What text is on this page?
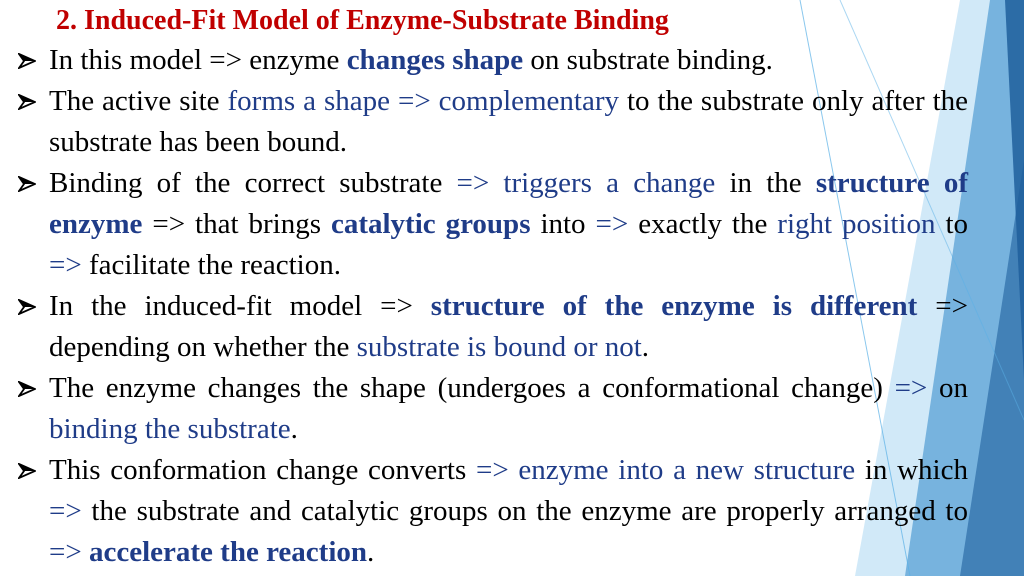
2. Induced-Fit Model of Enzyme-Substrate Binding
In this model => enzyme changes shape on substrate binding.
The active site forms a shape => complementary to the substrate only after the substrate has been bound.
Binding of the correct substrate => triggers a change in the structure of enzyme => that brings catalytic groups into => exactly the right position to => facilitate the reaction.
In the induced-fit model => structure of the enzyme is different => depending on whether the substrate is bound or not.
The enzyme changes the shape (undergoes a conformational change) => on binding the substrate.
This conformation change converts => enzyme into a new structure in which => the substrate and catalytic groups on the enzyme are properly arranged to => accelerate the reaction.
